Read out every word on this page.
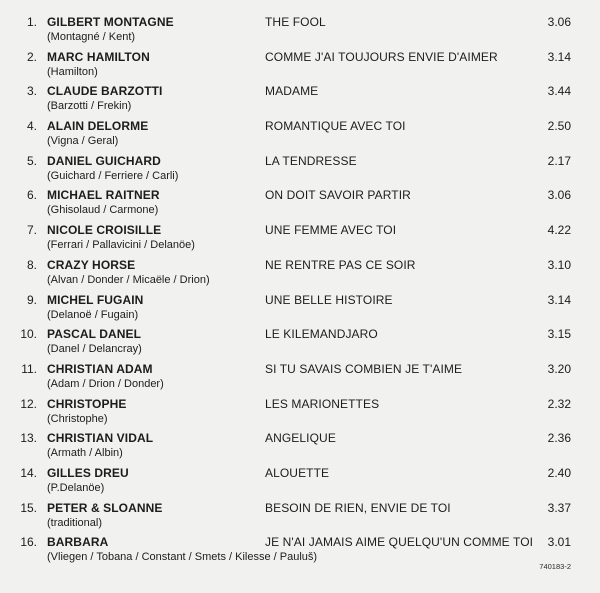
1. GILBERT MONTAGNE
(Montagné / Kent)
THE FOOL	3.06
2. MARC HAMILTON
(Hamilton)
COMME J'AI TOUJOURS ENVIE D'AIMER	3.14
3. CLAUDE BARZOTTI
(Barzotti / Frekin)
MADAME	3.44
4. ALAIN DELORME
(Vigna / Geral)
ROMANTIQUE AVEC TOI	2.50
5. DANIEL GUICHARD
(Guichard / Ferriere / Carli)
LA TENDRESSE	2.17
6. MICHAEL RAITNER
(Ghisolaud / Carmone)
ON DOIT SAVOIR PARTIR	3.06
7. NICOLE CROISILLE
(Ferrari / Pallavicini / Delanöe)
UNE FEMME AVEC TOI	4.22
8. CRAZY HORSE
(Alvan / Donder / Micaële / Drion)
NE RENTRE PAS CE SOIR	3.10
9. MICHEL FUGAIN
(Delanoë / Fugain)
UNE BELLE HISTOIRE	3.14
10. PASCAL DANEL
(Danel / Delancray)
LE KILEMANDJARO	3.15
11. CHRISTIAN ADAM
(Adam / Drion / Donder)
SI TU SAVAIS COMBIEN JE T'AIME	3.20
12. CHRISTOPHE
(Christophe)
LES MARIONETTES	2.32
13. CHRISTIAN VIDAL
(Armath / Albin)
ANGELIQUE	2.36
14. GILLES DREU
(P.Delanöe)
ALOUETTE	2.40
15. PETER & SLOANNE
(traditional)
BESOIN DE RIEN, ENVIE DE TOI	3.37
16. BARBARA
(Vliegen / Tobana / Constant / Smets / Kilesse / Pauluš)
JE N'AI JAMAIS AIME QUELQU'UN COMME TOI 3.01
740183-2
